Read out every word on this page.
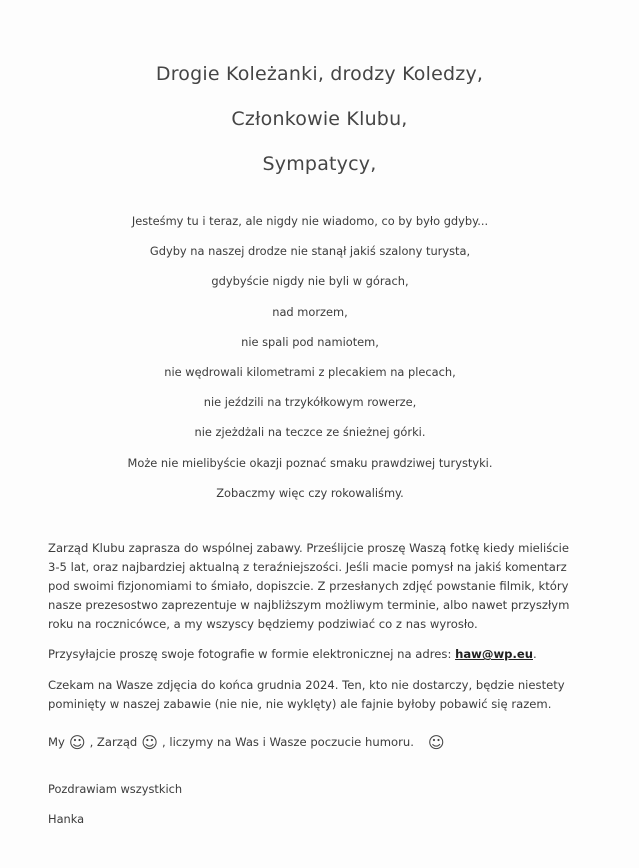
Drogie Koleżanki, drodzy Koledzy,
Członkowie Klubu,
Sympatycy,
Jesteśmy tu i teraz, ale nigdy nie wiadomo, co by było gdyby...
Gdyby na naszej drodze nie stanął jakiś szalony turysta,
gdybyście nigdy nie byli w górach,
nad morzem,
nie spali pod namiotem,
nie wędrowali kilometrami z plecakiem na plecach,
nie jeździli na trzykółkowym rowerze,
nie zjeżdżali na teczce ze śnieżnej górki.
Może nie mielibyście okazji poznać smaku prawdziwej turystyki.
Zobaczmy więc czy rokowaliśmy.
Zarząd Klubu zaprasza do wspólnej zabawy. Prześlijcie proszę Waszą fotkę kiedy mieliście 3-5 lat, oraz najbardziej aktualną z teraźniejszości. Jeśli macie pomysł na jakiś komentarz pod swoimi fizjonomiami to śmiało, dopiszcie. Z przesłanych zdjęć powstanie filmik, który nasze prezesostwo zaprezentuje w najbliższym możliwym terminie, albo nawet przyszłym roku na rocznicówce, a my wszyscy będziemy podziwiać co z nas wyrosło.
Przysyłajcie proszę swoje fotografie w formie elektronicznej na adres: haw@wp.eu.
Czekam na Wasze zdjęcia do końca grudnia 2024. Ten, kto nie dostarczy, będzie niestety pominięty w naszej zabawie (nie nie, nie wyklęty) ale fajnie byłoby pobawić się razem.
My ☺ , Zarząd ☺ , liczymy na Was i Wasze poczucie humoru. ☺
Pozdrawiam wszystkich
Hanka
